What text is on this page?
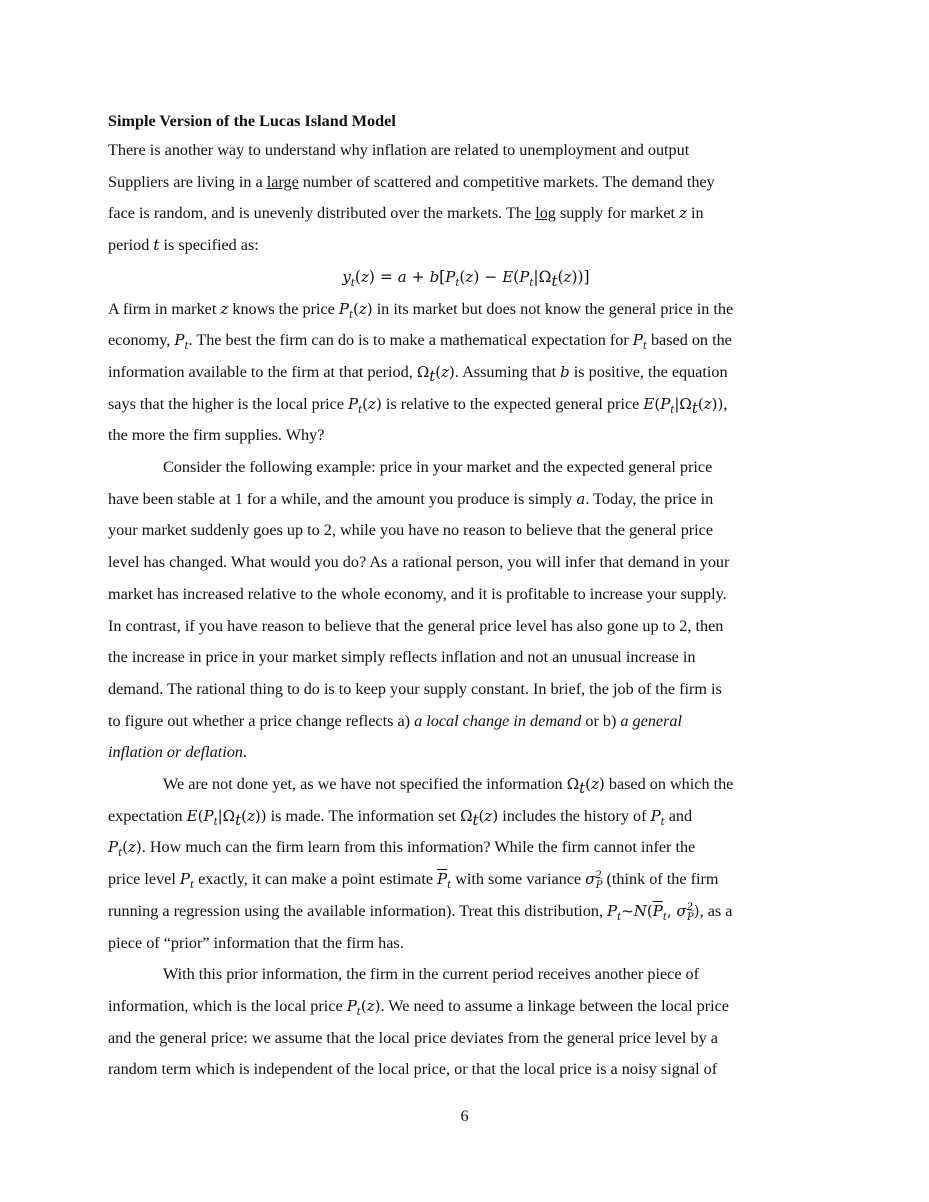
Simple Version of the Lucas Island Model
There is another way to understand why inflation are related to unemployment and output
Suppliers are living in a large number of scattered and competitive markets. The demand they
face is random, and is unevenly distributed over the markets. The log supply for market z in
period t is specified as:
$y_t(z) = a + b[P_t(z) - E(P_t|\Omega_t(z))]$
A firm in market z knows the price $P_t(z)$ in its market but does not know the general price in the
economy, $P_t$. The best the firm can do is to make a mathematical expectation for $P_t$ based on the
information available to the firm at that period, $\Omega_t(z)$. Assuming that b is positive, the equation
says that the higher is the local price $P_t(z)$ is relative to the expected general price $E(P_t|\Omega_t(z))$,
the more the firm supplies. Why?
Consider the following example: price in your market and the expected general price
have been stable at 1 for a while, and the amount you produce is simply a. Today, the price in
your market suddenly goes up to 2, while you have no reason to believe that the general price
level has changed. What would you do? As a rational person, you will infer that demand in your
market has increased relative to the whole economy, and it is profitable to increase your supply.
In contrast, if you have reason to believe that the general price level has also gone up to 2, then
the increase in price in your market simply reflects inflation and not an unusual increase in
demand. The rational thing to do is to keep your supply constant. In brief, the job of the firm is
to figure out whether a price change reflects a) a local change in demand or b) a general
inflation or deflation.
We are not done yet, as we have not specified the information $\Omega_t(z)$ based on which the
expectation $E(P_t|\Omega_t(z))$ is made. The information set $\Omega_t(z)$ includes the history of $P_t$ and
$P_t(z)$. How much can the firm learn from this information? While the firm cannot infer the
price level $P_t$ exactly, it can make a point estimate $\overline{P}_t$ with some variance $\sigma^2_{P̅}$ (think of the firm
running a regression using the available information). Treat this distribution, $P_t\sim N(\overline{P}_t$, $\sigma^2_{P̅}$), as a
piece of “prior” information that the firm has.
With this prior information, the firm in the current period receives another piece of
information, which is the local price $P_t(z)$. We need to assume a linkage between the local price
and the general price: we assume that the local price deviates from the general price level by a
random term which is independent of the local price, or that the local price is a noisy signal of
6
